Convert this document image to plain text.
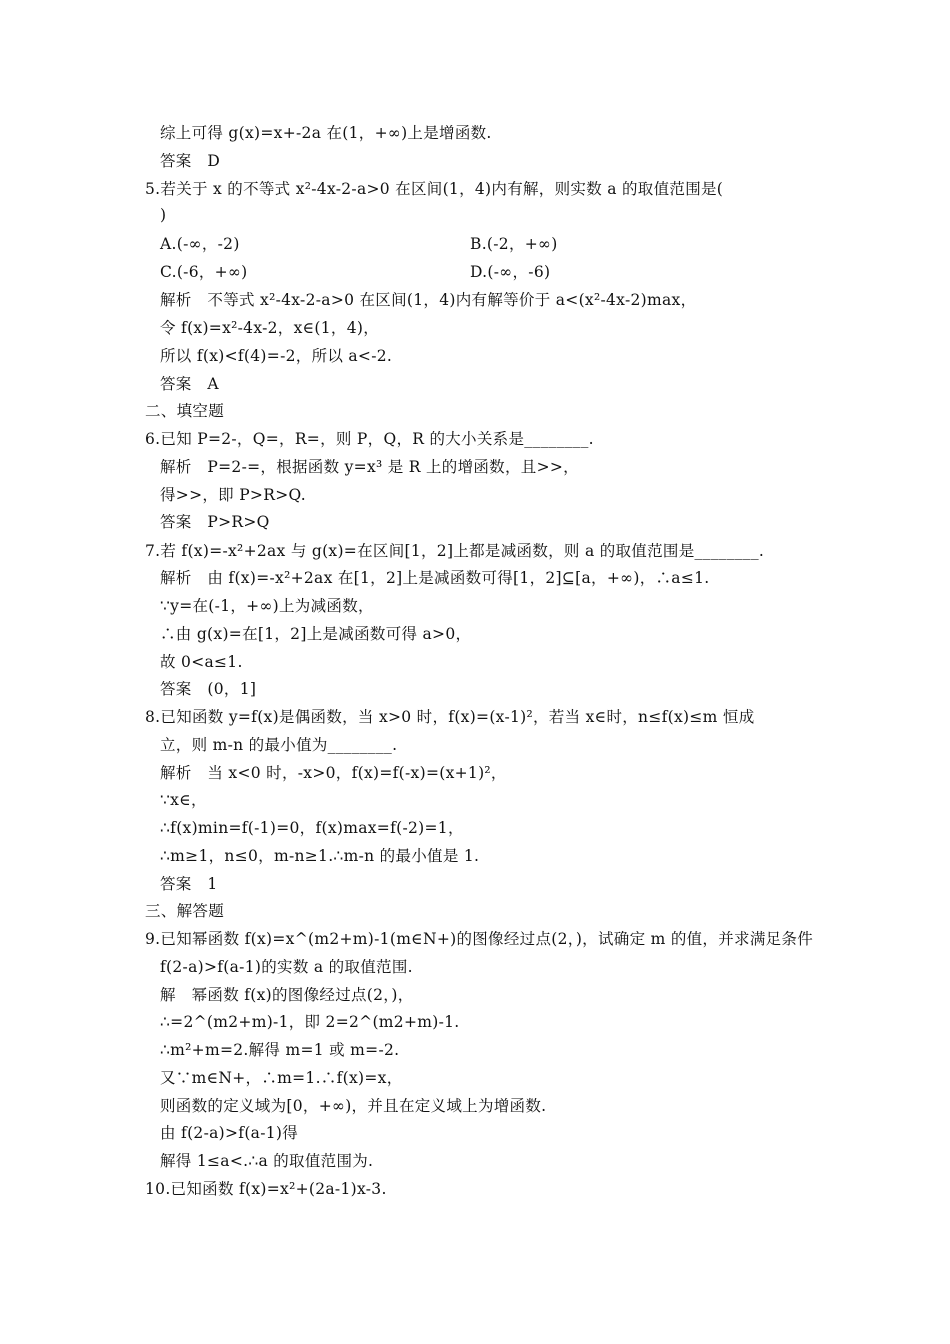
综上可得 g(x)=x+-2a 在(1，+∞)上是增函数.
答案　D
5.若关于 x 的不等式 x²-4x-2-a>0 在区间(1，4)内有解，则实数 a 的取值范围是(
)
A.(-∞，-2)	B.(-2，+∞)
C.(-6，+∞)	D.(-∞，-6)
解析　不等式 x²-4x-2-a>0 在区间(1，4)内有解等价于 a<(x²-4x-2)max，
令 f(x)=x²-4x-2，x∈(1，4)，
所以 f(x)<f(4)=-2，所以 a<-2.
答案　A
二、填空题
6.已知 P=2-，Q=，R=，则 P，Q，R 的大小关系是________.
解析　P=2-=，根据函数 y=x³ 是 R 上的增函数，且>>，
得>>，即 P>R>Q.
答案　P>R>Q
7.若 f(x)=-x²+2ax 与 g(x)=在区间[1，2]上都是减函数，则 a 的取值范围是________.
解析　由 f(x)=-x²+2ax 在[1，2]上是减函数可得[1，2]⊆[a，+∞)，∴a≤1.
∵y=在(-1，+∞)上为减函数，
∴由 g(x)=在[1，2]上是减函数可得 a>0，
故 0<a≤1.
答案　(0，1]
8.已知函数 y=f(x)是偶函数，当 x>0 时，f(x)=(x-1)²，若当 x∈时，n≤f(x)≤m 恒成
立，则 m-n 的最小值为________.
解析　当 x<0 时，-x>0，f(x)=f(-x)=(x+1)²，
∵x∈，
∴f(x)min=f(-1)=0，f(x)max=f(-2)=1，
∴m≥1，n≤0，m-n≥1.∴m-n 的最小值是 1.
答案　1
三、解答题
9.已知幂函数 f(x)=x^(m2+m)-1(m∈N+)的图像经过点(2，)，试确定 m 的值，并求满足条件
f(2-a)>f(a-1)的实数 a 的取值范围.
解　幂函数 f(x)的图像经过点(2，)，
∴=2^(m2+m)-1，即 2=2^(m2+m)-1.
∴m²+m=2.解得 m=1 或 m=-2.
又∵m∈N+，∴m=1.∴f(x)=x，
则函数的定义域为[0，+∞)，并且在定义域上为增函数.
由 f(2-a)>f(a-1)得
解得 1≤a<.∴a 的取值范围为.
10.已知函数 f(x)=x²+(2a-1)x-3.
